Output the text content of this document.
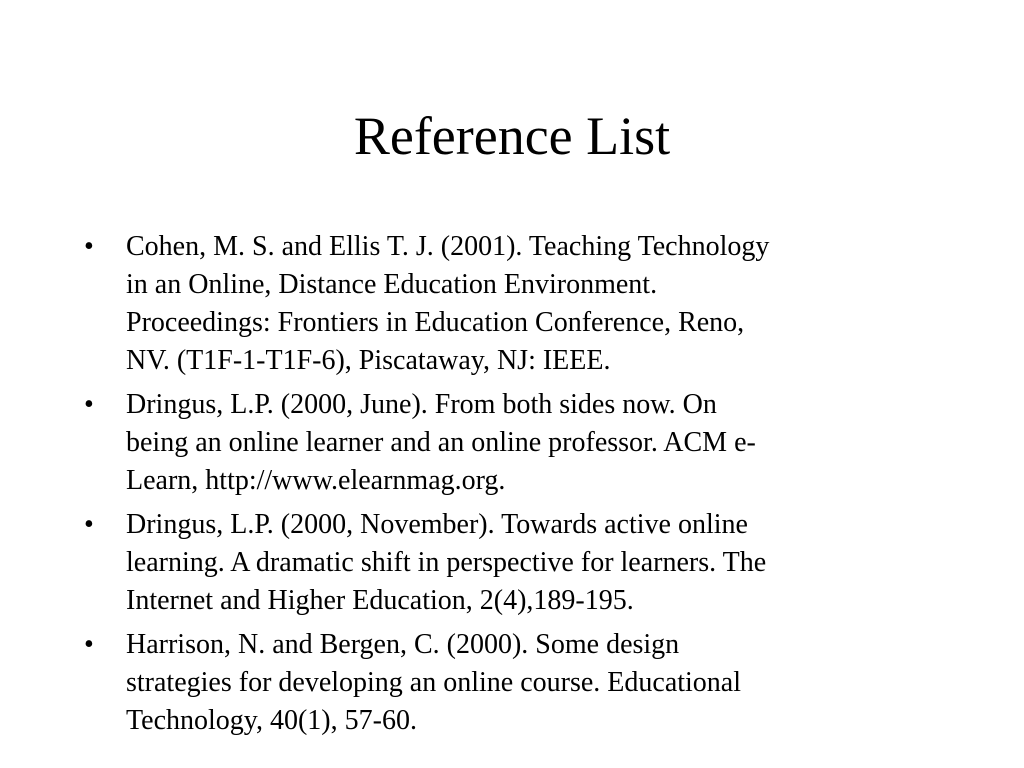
Reference List
•	Cohen, M. S. and Ellis T. J. (2001). Teaching Technology
in an Online, Distance Education Environment.
Proceedings: Frontiers in Education Conference, Reno,
NV. (T1F-1-T1F-6), Piscataway, NJ: IEEE.
•	Dringus, L.P. (2000, June). From both sides now. On
being an online learner and an online professor. ACM e-
Learn, http://www.elearnmag.org.
•	Dringus, L.P. (2000, November). Towards active online
learning. A dramatic shift in perspective for learners. The
Internet and Higher Education, 2(4),189-195.
•	Harrison, N. and Bergen, C. (2000). Some design
strategies for developing an online course. Educational
Technology, 40(1), 57-60.
